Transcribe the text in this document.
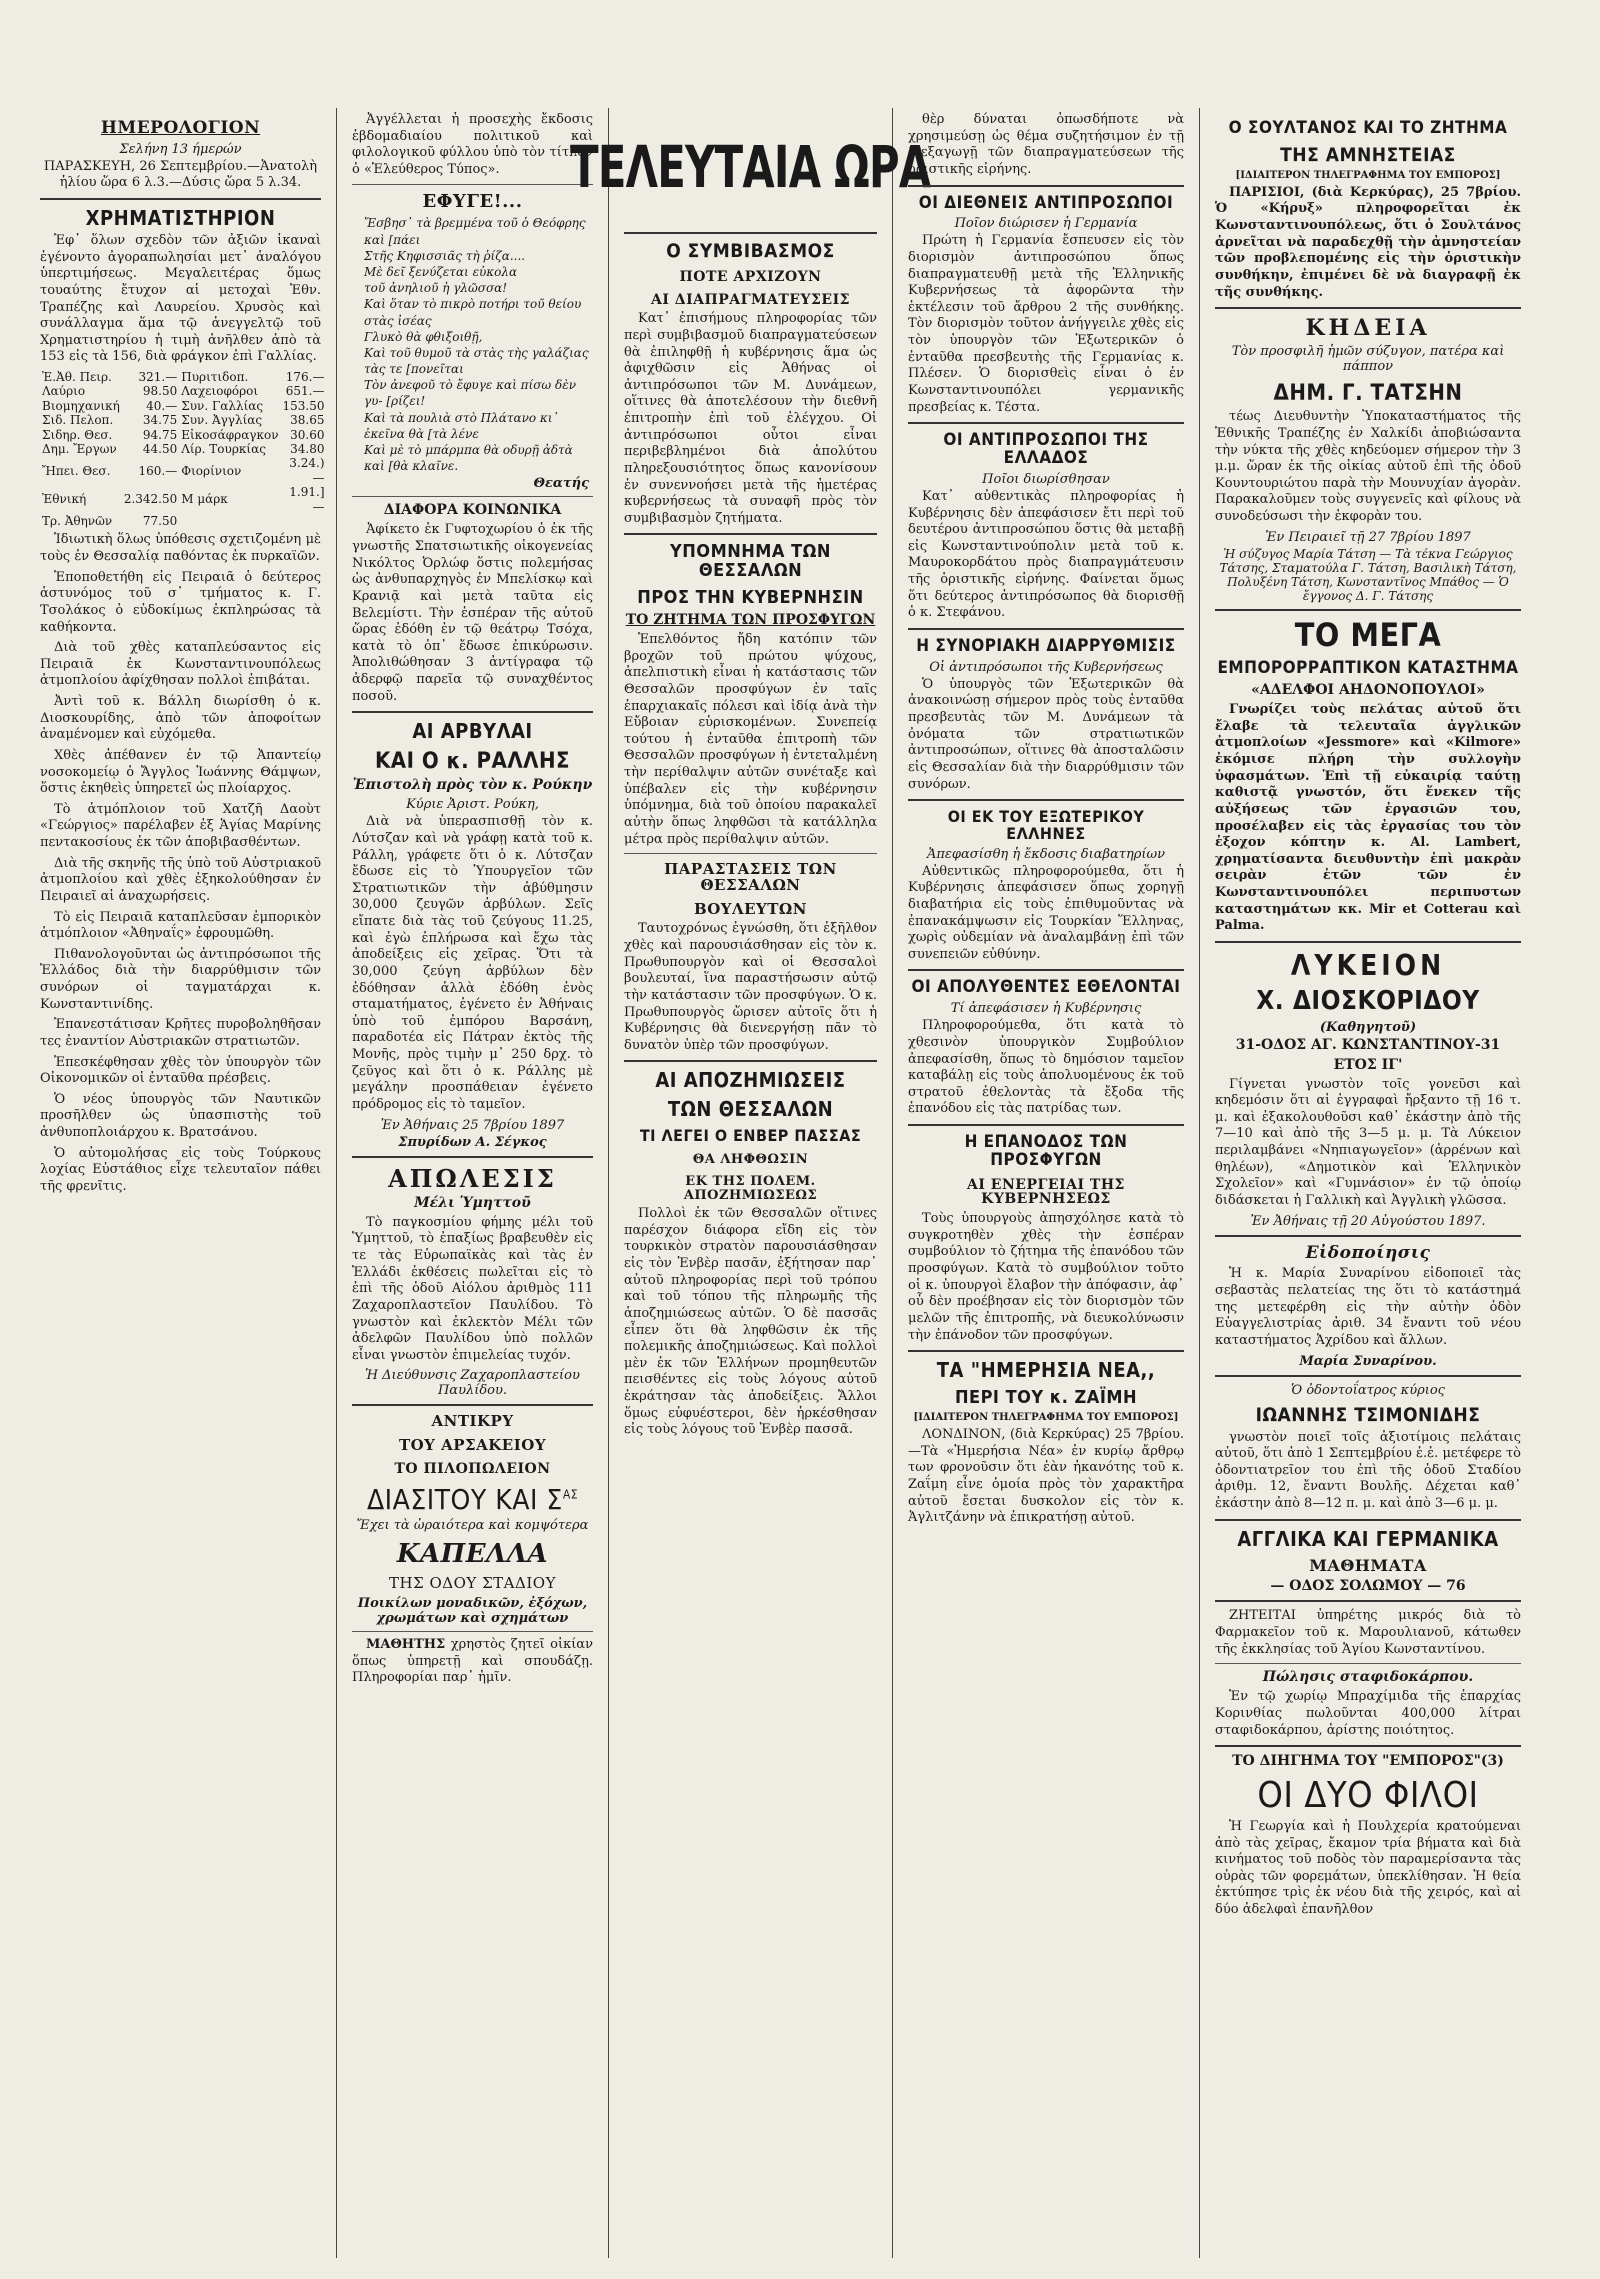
ΗΜΕΡΟΛΟΓΙΟΝ
Σελήνη 13 ήμερών

ΠΑΡΑΣΚΕΥΗ, 26 Σεπτεμβρίου.—Ἀνατολὴ ἡλίου ὥρα 6 λ.3.—Δύσις ὥρα 5 λ.34.

ΧΡΗΜΑΤΙΣΤΗΡΙΟΝ

Ἐφ᾽ ὅλων σχεδὸν τῶν ἀξιῶν ἱκαναὶ ἐγένοντο ἀγοραπωλησίαι μετ᾽ ἀναλόγου ὑπερτιμήσεως. Μεγαλειτέρας ὅμως τουαύτης ἔτυχον αἱ μετοχαὶ Ἐθν. Τραπέζης καὶ Λαυρείου. Χρυσὸς καὶ συνάλλαγμα ἅμα τῷ ἀνεγγελτῷ τοῦ Χρηματιστηρίου ἡ τιμὴ ἀνῆλθεν ἀπὸ τὰ 153 εἰς τὰ 156, διὰ φράγκον ἐπὶ Γαλλίας.

Ἐ.Ἀθ. Πειρ.	321.—	Πυριτιδοπ.	176.—
Λαύριο	98.50	Λαχειοφόροι	651.—
Βιομηχανική	40.—	Συν. Γαλλίας	153.50
Σιδ. Πελοπ.	34.75	Συν. Ἀγγλίας	38.65
Σιδηρ. Θεσ.	94.75	Εἰκοσάφραγκον	30.60
Δημ. Ἔργων	44.50	Λίρ. Τουρκίας	34.80
Ἤπει. Θεσ.	160.—	Φιορίνιον	3.24.)—
Ἐθνική	2.342.50	Μ μάρκ	1.91.]—
Τρ. Ἀθηνῶν	77.50		

Ἰδιωτικὴ ὅλως ὑπόθεσις σχετιζομένη μὲ τοὺς ἐν Θεσσαλίᾳ παθόντας ἐκ πυρκαϊῶν.

Ἐποποθετήθη εἰς Πειραιᾶ ὁ δεύτερος ἀστυνόμος τοῦ σ᾽ τμήματος κ. Γ. Τσολάκος ὁ εὐδοκίμως ἐκπληρώσας τὰ καθήκοντα.

Διὰ τοῦ χθὲς καταπλεύσαντος εἰς Πειραιᾶ ἐκ Κωνσταντινουπόλεως ἀτμοπλοίου ἀφίχθησαν πολλοὶ ἐπιβάται.

Ἀντὶ τοῦ κ. Βάλλη διωρίσθη ὁ κ. Διοσκουρίδης, ἀπὸ τῶν ἀποφοίτων ἀναμένομεν καὶ εὐχόμεθα.

Χθὲς ἀπέθανεν ἐν τῷ Ἀπαντείῳ νοσοκομείῳ ὁ Ἄγγλος Ἰωάννης Θάμψων, ὅστις ἐκηθεὶς ὑπηρετεῖ ὡς πλοίαρχος.

Τὸ ἀτμόπλοιον τοῦ Χατζῆ Δαοὺτ «Γεώργιος» παρέλαβεν ἐξ Ἁγίας Μαρίνης πεντακοσίους ἐκ τῶν ἀποβιβασθέντων.

Διὰ τῆς σκηνῆς τῆς ὑπὸ τοῦ Αὐστριακοῦ ἀτμοπλοίου καὶ χθὲς ἐξηκολούθησαν ἐν Πειραιεῖ αἱ ἀναχωρήσεις.

Τὸ εἰς Πειραιᾶ καταπλεῦσαν ἐμπορικὸν ἀτμόπλοιον «Ἀθηναΐς» ἐφρουμῶθη.

Πιθανολογοῦνται ὡς ἀντιπρόσωποι τῆς Ἑλλάδος διὰ τὴν διαρρύθμισιν τῶν συνόρων οἱ ταγματάρχαι κ. Κωνσταντινίδης.

Ἐπανεστάτισαν Κρῆτες πυροβοληθῆσαν τες ἐναντίον Αὐστριακῶν στρατιωτῶν.

Ἐπεσκέφθησαν χθὲς τὸν ὑπουργὸν τῶν Οἰκονομικῶν οἱ ἐνταῦθα πρέσβεις.

Ὁ νέος ὑπουργὸς τῶν Ναυτικῶν προσῆλθεν ὡς ὑπασπιστὴς τοῦ ἀνθυποπλοιάρχου κ. Βρατσάνου.

Ὁ αὐτομολήσας εἰς τοὺς Τούρκους λοχίας Εὐστάθιος εἶχε τελευταῖον πάθει τῆς φρενῖτις.

Ἀγγέλλεται ἡ προσεχὴς ἔκδοσις ἑβδομαδιαίου πολιτικοῦ καὶ φιλολογικοῦ φύλλου ὑπὸ τὸν τίτλον ὁ «Ἐλεύθερος Τύπος».

ΕΦΥΓΕ!...
Ἔσβησ᾽ τὰ βρεμμένα τοῦ ὁ Θεόφρης καὶ [πάει
Στῆς Κηφισσιᾶς τὴ ῥίζα....
Μὲ δεῖ ξενύζεται εὐκολα
τοῦ ἀνηλιοῦ ἡ γλῶσσα!
Καὶ ὅταν τὸ πικρὸ ποτήρι τοῦ θείου στὰς ἰσέας
Γλυκὸ θὰ φθιξοιθῇ,
Καὶ τοῦ θυμοῦ τὰ στὰς τὴς γαλάζιας τὰς τε [πονεῖται
Τὸν ἀνεφοῦ τὸ ἔφυγε καὶ πίσω δὲν γυ- [ρίζει!
Καὶ τὰ πουλιὰ στὸ Πλάτανο κι᾽ ἐκεῖνα θὰ [τὰ λένε
Καὶ μὲ τὸ μπάρμπα θὰ οδυρῇ ἀδτὰ καὶ [θὰ κλαῖνε.
Θεατής
ΔΙΑΦΟΡΑ ΚΟΙΝΩΝΙΚΑ

Ἀφίκετο ἐκ Γυφτοχωρίου ὁ ἐκ τῆς γνωστῆς Σπατσιωτικῆς οἰκογενείας Νικόλτος Ὀρλώφ ὅστις πολεμήσας ὡς ἀνθυπαρχηγὸς ἐν Μπελίσκῳ καὶ Κρανιᾷ καὶ μετὰ ταῦτα εἰς Βελεμίστι. Τὴν ἑσπέραν τῆς αὐτοῦ ὥρας ἐδόθη ἐν τῷ θεάτρῳ Τσόχα, κατὰ τὸ ὁπ᾽ ἔδωσε ἐπικύρωσιν. Ἀπολιθώθησαν 3 ἀντίγραφα τῷ ἀδερφῷ παρεῖα τῷ συναχθέντος ποσοῦ.

ΑΙ ΑΡΒΥΛΑΙ
ΚΑΙ Ο κ. ΡΑΛΛΗΣ
Ἐπιστολὴ πρὸς τὸν κ. Ρούκην
Κύριε Ἀριστ. Ρούκη,

Διὰ νὰ ὑπερασπισθῇ τὸν κ. Λύτσζαν καὶ νὰ γράφῃ κατὰ τοῦ κ. Ράλλη, γράφετε ὅτι ὁ κ. Λύτσζαν ἔδωσε εἰς τὸ Ὑπουργεῖον τῶν Στρατιωτικῶν τὴν ἀβύθμησιν 30,000 ζευγῶν ἀρβύλων. Σεῖς εἴπατε διὰ τὰς τοῦ ζεύγους 11.25, καὶ ἐγὼ ἐπλήρωσα καὶ ἔχω τὰς ἀποδείξεις εἰς χεῖρας. Ὅτι τὰ 30,000 ζεύγη ἀρβύλων δὲν ἐδόθησαν ἀλλὰ ἐδόθη ἑνὸς σταματήματος, ἐγένετο ἐν Ἀθήναις ὑπὸ τοῦ ἐμπόρου Βαρσάνη, παραδοτέα εἰς Πάτραν ἐκτὸς τῆς Μονῆς, πρὸς τιμὴν μ᾽ 250 δρχ. τὸ ζεῦγος καὶ ὅτι ὁ κ. Ράλλης μὲ μεγάλην προσπάθειαν ἐγένετο πρόδρομος εἰς τὸ ταμεῖον.

Ἐν Ἀθήναις 25 7βρίου 1897
Σπυρίδων Α. Σέγκος
ΑΠΩΛΕΣΙΣ
Μέλι Ὑμηττοῦ

Τὸ παγκοσμίου φήμης μέλι τοῦ Ὑμηττοῦ, τὸ ἐπαξίως βραβευθὲν εἰς τε τὰς Εὐρωπαϊκὰς καὶ τὰς ἐν Ἑλλάδι ἐκθέσεις πωλεῖται εἰς τὸ ἐπὶ τῆς ὁδοῦ Αἰόλου ἀριθμὸς 111 Ζαχαροπλαστεῖον Παυλίδου. Τὸ γνωστὸν καὶ ἐκλεκτὸν Μέλι τῶν ἀδελφῶν Παυλίδου ὑπὸ πολλῶν εἶναι γνωστὸν ἐπιμελείας τυχόν.

Ἡ Διεύθυνσις Ζαχαροπλαστείου Παυλίδου.
ΑΝΤΙΚΡΥ
ΤΟΥ ΑΡΣΑΚΕΙΟΥ
ΤΟ ΠΙΛΟΠΩΛΕΙΟΝ
ΔΙΑΣΙΤΟΥ ΚΑΙ $\Sigma^{A\Sigma}$
Ἔχει τὰ ὡραιότερα καὶ κομψότερα
ΚΑΠΕΛΛΑ
ΤΗΣ ΟΔΟΥ ΣΤΑΔΙΟΥ
Ποικίλων μοναδικῶν, ἐξόχων, χρωμάτων καὶ σχημάτων

ΜΑΘΗΤΗΣ χρηστὸς ζητεῖ οἰκίαν ὅπως ὑπηρετῇ καὶ σπουδάζῃ. Πληροφορίαι παρ᾽ ἡμῖν.

ΤΕΛΕΥΤΑΙΑ ΩΡΑ
Ο ΣΥΜΒΙΒΑΣΜΟΣ
ΠΟΤΕ ΑΡΧΙΖΟΥΝ
ΑΙ ΔΙΑΠΡΑΓΜΑΤΕΥΣΕΙΣ

Κατ᾽ ἐπισήμους πληροφορίας τῶν περὶ συμβιβασμοῦ διαπραγματεύσεων θὰ ἐπιληφθῇ ἡ κυβέρνησις ἅμα ὡς ἀφιχθῶσιν εἰς Ἀθήνας οἱ ἀντιπρόσωποι τῶν Μ. Δυνάμεων, οἵτινες θὰ ἀποτελέσουν τὴν διεθνῆ ἐπιτροπὴν ἐπὶ τοῦ ἐλέγχου. Οἱ ἀντιπρόσωποι οὗτοι εἶναι περιβεβλημένοι διὰ ἀπολύτου πληρεξουσιότητος ὅπως κανονίσουν ἐν συνεννοήσει μετὰ τῆς ἡμετέρας κυβερνήσεως τὰ συναφῆ πρὸς τὸν συμβιβασμὸν ζητήματα.

ΥΠΟΜΝΗΜΑ ΤΩΝ ΘΕΣΣΑΛΩΝ
ΠΡΟΣ ΤΗΝ ΚΥΒΕΡΝΗΣΙΝ
ΤΟ ΖΗΤΗΜΑ ΤΩΝ ΠΡΟΣΦΥΓΩΝ

Ἐπελθόντος ἤδη κατόπιν τῶν βροχῶν τοῦ πρώτου ψύχους, ἀπελπιστικὴ εἶναι ἡ κατάστασις τῶν Θεσσαλῶν προσφύγων ἐν ταῖς ἐπαρχιακαῖς πόλεσι καὶ ἰδίᾳ ἀνὰ τὴν Εὔβοιαν εὑρισκομένων. Συνεπείᾳ τούτου ἡ ἐνταῦθα ἐπιτροπὴ τῶν Θεσσαλῶν προσφύγων ἡ ἐντεταλμένη τὴν περίθαλψιν αὐτῶν συνέταξε καὶ ὑπέβαλεν εἰς τὴν κυβέρνησιν ὑπόμνημα, διὰ τοῦ ὁποίου παρακαλεῖ αὐτὴν ὅπως ληφθῶσι τὰ κατάλληλα μέτρα πρὸς περίθαλψιν αὐτῶν.

ΠΑΡΑΣΤΑΣΕΙΣ ΤΩΝ ΘΕΣΣΑΛΩΝ
ΒΟΥΛΕΥΤΩΝ

Ταυτοχρόνως ἐγνώσθη, ὅτι ἐξῆλθον χθὲς καὶ παρουσιάσθησαν εἰς τὸν κ. Πρωθυπουργὸν καὶ οἱ Θεσσαλοὶ βουλευταί, ἵνα παραστήσωσιν αὐτῷ τὴν κατάστασιν τῶν προσφύγων. Ὁ κ. Πρωθυπουργὸς ὥρισεν αὐτοῖς ὅτι ἡ Κυβέρνησις θὰ διενεργήσῃ πᾶν τὸ δυνατὸν ὑπὲρ τῶν προσφύγων.

ΑΙ ΑΠΟΖΗΜΙΩΣΕΙΣ
ΤΩΝ ΘΕΣΣΑΛΩΝ
ΤΙ ΛΕΓΕΙ Ο ΕΝΒΕΡ ΠΑΣΣΑΣ
ΘΑ ΛΗΦΘΩΣΙΝ
ΕΚ ΤΗΣ ΠΟΛΕΜ. ΑΠΟΖΗΜΙΩΣΕΩΣ

Πολλοὶ ἐκ τῶν Θεσσαλῶν οἵτινες παρέσχον διάφορα εἴδη εἰς τὸν τουρκικὸν στρατὸν παρουσιάσθησαν εἰς τὸν Ἐνβὲρ πασᾶν, ἐξήτησαν παρ᾽ αὐτοῦ πληροφορίας περὶ τοῦ τρόπου καὶ τοῦ τόπου τῆς πληρωμῆς τῆς ἀποζημιώσεως αὐτῶν. Ὁ δὲ πασσᾶς εἶπεν ὅτι θὰ ληφθῶσιν ἐκ τῆς πολεμικῆς ἀποζημιώσεως. Καὶ πολλοὶ μὲν ἐκ τῶν Ἑλλήνων προμηθευτῶν πεισθέντες εἰς τοὺς λόγους αὐτοῦ ἐκράτησαν τὰς ἀποδείξεις. Ἄλλοι ὅμως εὐφυέστεροι, δὲν ἠρκέσθησαν εἰς τοὺς λόγους τοῦ Ἐνβὲρ πασσᾶ.

θὲρ δύναται ὁπωσδήποτε νὰ χρησιμεύσῃ ὡς θέμα συζητήσιμον ἐν τῇ διεξαγωγῇ τῶν διαπραγματεύσεων τῆς ὁριστικῆς εἰρήνης.

ΟΙ ΔΙΕΘΝΕΙΣ ΑΝΤΙΠΡΟΣΩΠΟΙ
Ποῖον διώρισεν ἡ Γερμανία

Πρώτη ἡ Γερμανία ἔσπευσεν εἰς τὸν διορισμὸν ἀντιπροσώπου ὅπως διαπραγματευθῇ μετὰ τῆς Ἑλληνικῆς Κυβερνήσεως τὰ ἀφορῶντα τὴν ἐκτέλεσιν τοῦ ἄρθρου 2 τῆς συνθήκης. Τὸν διορισμὸν τοῦτον ἀνήγγειλε χθὲς εἰς τὸν ὑπουργὸν τῶν Ἐξωτερικῶν ὁ ἐνταῦθα πρεσβευτὴς τῆς Γερμανίας κ. Πλέσεν. Ὁ διορισθεὶς εἶναι ὁ ἐν Κωνσταντινουπόλει γερμανικῆς πρεσβείας κ. Τέστα.

ΟΙ ΑΝΤΙΠΡΟΣΩΠΟΙ ΤΗΣ ΕΛΛΑΔΟΣ
Ποῖοι διωρίσθησαν

Κατ᾽ αὐθεντικὰς πληροφορίας ἡ Κυβέρνησις δὲν ἀπεφάσισεν ἔτι περὶ τοῦ δευτέρου ἀντιπροσώπου ὅστις θὰ μεταβῇ εἰς Κωνσταντινούπολιν μετὰ τοῦ κ. Μαυροκορδάτου πρὸς διαπραγμάτευσιν τῆς ὁριστικῆς εἰρήνης. Φαίνεται ὅμως ὅτι δεύτερος ἀντιπρόσωπος θὰ διορισθῇ ὁ κ. Στεφάνου.

Η ΣΥΝΟΡΙΑΚΗ ΔΙΑΡΡΥΘΜΙΣΙΣ
Οἱ ἀντιπρόσωποι τῆς Κυβερνήσεως

Ὁ ὑπουργὸς τῶν Ἐξωτερικῶν θὰ ἀνακοινώσῃ σήμερον πρὸς τοὺς ἐνταῦθα πρεσβευτὰς τῶν Μ. Δυνάμεων τὰ ὀνόματα τῶν στρατιωτικῶν ἀντιπροσώπων, οἵτινες θὰ ἀποσταλῶσιν εἰς Θεσσαλίαν διὰ τὴν διαρρύθμισιν τῶν συνόρων.

ΟΙ ΕΚ ΤΟΥ ΕΞΩΤΕΡΙΚΟΥ ΕΛΛΗΝΕΣ
Ἀπεφασίσθη ἡ ἔκδοσις διαβατηρίων

Αὐθεντικῶς πληροφορούμεθα, ὅτι ἡ Κυβέρνησις ἀπεφάσισεν ὅπως χορηγῇ διαβατήρια εἰς τοὺς ἐπιθυμοῦντας νὰ ἐπανακάμψωσιν εἰς Τουρκίαν Ἕλληνας, χωρὶς οὐδεμίαν νὰ ἀναλαμβάνῃ ἐπὶ τῶν συνεπειῶν εὐθύνην.

ΟΙ ΑΠΟΛΥΘΕΝΤΕΣ ΕΘΕΛΟΝΤΑΙ
Τί ἀπεφάσισεν ἡ Κυβέρνησις

Πληροφορούμεθα, ὅτι κατὰ τὸ χθεσινὸν ὑπουργικὸν Συμβούλιον ἀπεφασίσθη, ὅπως τὸ δημόσιον ταμεῖον καταβάλῃ εἰς τοὺς ἀπολυομένους ἐκ τοῦ στρατοῦ ἐθελοντὰς τὰ ἔξοδα τῆς ἐπανόδου εἰς τὰς πατρίδας των.

Η ΕΠΑΝΟΔΟΣ ΤΩΝ ΠΡΟΣΦΥΓΩΝ
ΑΙ ΕΝΕΡΓΕΙΑΙ ΤΗΣ ΚΥΒΕΡΝΗΣΕΩΣ

Τοὺς ὑπουργοὺς ἀπησχόλησε κατὰ τὸ συγκροτηθὲν χθὲς τὴν ἑσπέραν συμβούλιον τὸ ζήτημα τῆς ἐπανόδου τῶν προσφύγων. Κατὰ τὸ συμβούλιον τοῦτο οἱ κ. ὑπουργοὶ ἔλαβον τὴν ἀπόφασιν, ἀφ᾽ οὗ δὲν προέβησαν εἰς τὸν διορισμὸν τῶν μελῶν τῆς ἐπιτροπῆς, νὰ διευκολύνωσιν τὴν ἐπάνοδον τῶν προσφύγων.

ΤΑ "ΗΜΕΡΗΣΙΑ ΝΕΑ,,
ΠΕΡΙ ΤΟΥ κ. ΖΑΪΜΗ
[ΙΔΙΑΙΤΕΡΟΝ ΤΗΛΕΓΡΑΦΗΜΑ ΤΟΥ ΕΜΠΟΡΟΣ]

ΛΟΝΔΙΝΟΝ, (διὰ Κερκύρας) 25 7βρίου.—Τὰ «Ἡμερήσια Νέα» ἐν κυρίῳ ἄρθρῳ των φρονοῦσιν ὅτι ἐὰν ἠκανότης τοῦ κ. Ζαΐμη εἶνε ὁμοία πρὸς τὸν χαρακτῆρα αὐτοῦ ἔσεται δυσκολον εἰς τὸν κ. Ἀγλιτζάνην νὰ ἐπικρατήσῃ αὐτοῦ.

Ο ΣΟΥΛΤΑΝΟΣ ΚΑΙ ΤΟ ΖΗΤΗΜΑ
ΤΗΣ ΑΜΝΗΣΤΕΙΑΣ
[ΙΔΙΑΙΤΕΡΟΝ ΤΗΛΕΓΡΑΦΗΜΑ ΤΟΥ ΕΜΠΟΡΟΣ]

ΠΑΡΙΣΙΟΙ, (διὰ Κερκύρας), 25 7βρίου. Ὁ «Κήρυξ» πληροφορεῖται ἐκ Κωνσταντινουπόλεως, ὅτι ὁ Σουλτάνος ἀρνεῖται νὰ παραδεχθῇ τὴν ἀμνηστείαν τῶν προβλεπομένης εἰς τὴν ὁριστικὴν συνθήκην, ἐπιμένει δὲ νὰ διαγραφῇ ἐκ τῆς συνθήκης.

ΚΗΔΕΙΑ
Τὸν προσφιλῆ ἡμῶν σύζυγον, πατέρα καὶ πάππον
ΔΗΜ. Γ. ΤΑΤΣΗΝ

τέως Διευθυντὴν Ὑποκαταστήματος τῆς Ἐθνικῆς Τραπέζης ἐν Χαλκίδι ἀποβιώσαντα τὴν νύκτα τῆς χθὲς κηδεύομεν σήμερον τὴν 3 μ.μ. ὥραν ἐκ τῆς οἰκίας αὐτοῦ ἐπὶ τῆς ὁδοῦ Κουντουριώτου παρὰ τὴν Μουνυχίαν ἀγορὰν. Παρακαλοῦμεν τοὺς συγγενεῖς καὶ φίλους νὰ συνοδεύσωσι τὴν ἐκφορὰν του.

Ἐν Πειραιεῖ τῇ 27 7βρίου 1897
Ἡ σύζυγος Μαρία Τάτση — Τὰ τέκνα Γεώργιος Τάτσης, Σταματούλα Γ. Τάτση, Βασιλικὴ Τάτση, Πολυξένη Τάτση, Κωνσταντῖνος Μπάθος — Ὁ ἔγγονος Δ. Γ. Τάτσης
ΤΟ ΜΕΓΑ
ΕΜΠΟΡΟΡΡΑΠΤΙΚΟΝ ΚΑΤΑΣΤΗΜΑ
«ΑΔΕΛΦΟΙ ΑΗΔΟΝΟΠΟΥΛΟΙ»

Γνωρίζει τοὺς πελάτας αὐτοῦ ὅτι ἔλαβε τὰ τελευταῖα ἀγγλικῶν ἀτμοπλοίων «Jessmore» καὶ «Kilmore» ἐκόμισε πλήρη τὴν συλλογὴν ὑφασμάτων. Ἐπὶ τῇ εὐκαιρίᾳ ταύτῃ καθιστᾷ γνωστόν, ὅτι ἕνεκεν τῆς αὐξήσεως τῶν ἐργασιῶν του, προσέλαβεν εἰς τὰς ἐργασίας του τὸν ἐξοχον κόπτην κ. Al. Lambert, χρηματίσαντα διευθυντὴν ἐπὶ μακρὰν σειρὰν ἐτῶν τῶν ἐν Κωνσταντινουπόλει περιπυστων καταστημάτων κκ. Mir et Cotterau καὶ Palma.

ΛΥΚΕΙΟΝ
Χ. ΔΙΟΣΚΟΡΙΔΟΥ
(Καθηγητοῦ)
31-ΟΔΟΣ ΑΓ. ΚΩΝΣΤΑΝΤΙΝΟΥ-31
ΕΤΟΣ ΙΓ'

Γίγνεται γνωστὸν τοῖς γονεῦσι καὶ κηδεμόσιν ὅτι αἱ ἐγγραφαὶ ἤρξαντο τῇ 16 τ. μ. καὶ ἐξακολουθοῦσι καθ᾽ ἑκάστην ἀπὸ τῆς 7—10 καὶ ἀπὸ τῆς 3—5 μ. μ. Τὰ Λύκειον περιλαμβάνει «Νηπιαγωγεῖον» (ἀρρένων καὶ θηλέων), «Δημοτικὸν καὶ Ἑλληνικὸν Σχολεῖον» καὶ «Γυμνάσιον» ἐν τῷ ὁποίῳ διδάσκεται ἡ Γαλλικὴ καὶ Ἀγγλικὴ γλῶσσα.

Ἐν Ἀθήναις τῇ 20 Αὐγούστου 1897.
Εἰδοποίησις

Ἡ κ. Μαρία Συναρίνου εἰδοποιεῖ τὰς σεβαστὰς πελατείας της ὅτι τὸ κατάστημά της μετεφέρθη εἰς τὴν αὐτὴν ὁδὸν Εὐαγγελιστρίας ἀριθ. 34 ἔναντι τοῦ νέου καταστήματος Ἀχρίδου καὶ ἄλλων.

Μαρία Συναρίνου.
Ὁ ὀδοντοΐατρος κύριος
ΙΩΑΝΝΗΣ ΤΣΙΜΟΝΙΔΗΣ

γνωστὸν ποιεῖ τοῖς ἀξιοτίμοις πελάταις αὐτοῦ, ὅτι ἀπὸ 1 Σεπτεμβρίου ἐ.ἐ. μετέφερε τὸ ὀδοντιατρεῖον του ἐπὶ τῆς ὁδοῦ Σταδίου ἀριθμ. 12, ἔναντι Βουλῆς. Δέχεται καθ᾽ ἑκάστην ἀπὸ 8—12 π. μ. καὶ ἀπὸ 3—6 μ. μ.

ΑΓΓΛΙΚΑ ΚΑΙ ΓΕΡΜΑΝΙΚΑ
ΜΑΘΗΜΑΤΑ
— ΟΔΟΣ ΣΟΛΩΜΟΥ — 76

ΖΗΤΕΙΤΑΙ ὑπηρέτης μικρός διὰ τὸ Φαρμακεῖον τοῦ κ. Μαρουλιανοῦ, κάτωθεν τῆς ἐκκλησίας τοῦ Ἁγίου Κωνσταντίνου.

Πώλησις σταφιδοκάρπου.

Ἐν τῷ χωρίῳ Μπραχίμιδα τῆς ἐπαρχίας Κορινθίας πωλοῦνται 400,000 λίτραι σταφιδοκάρπου, ἀρίστης ποιότητος.

ΤΟ ΔΙΗΓΗΜΑ ΤΟΥ "ΕΜΠΟΡΟΣ"(3)
ΟΙ ΔΥΟ ΦΙΛΟΙ

Ἡ Γεωργία καὶ ἡ Πουλχερία κρατούμεναι ἀπὸ τὰς χεῖρας, ἔκαμον τρία βήματα καὶ διὰ κινήματος τοῦ ποδὸς τὸν παραμερίσαντα τὰς οὐρὰς τῶν φορεμάτων, ὑπεκλίθησαν. Ἡ θεία ἐκτύπησε τρὶς ἐκ νέου διὰ τῆς χειρός, καὶ αἱ δύο ἀδελφαὶ ἐπανῆλθον
